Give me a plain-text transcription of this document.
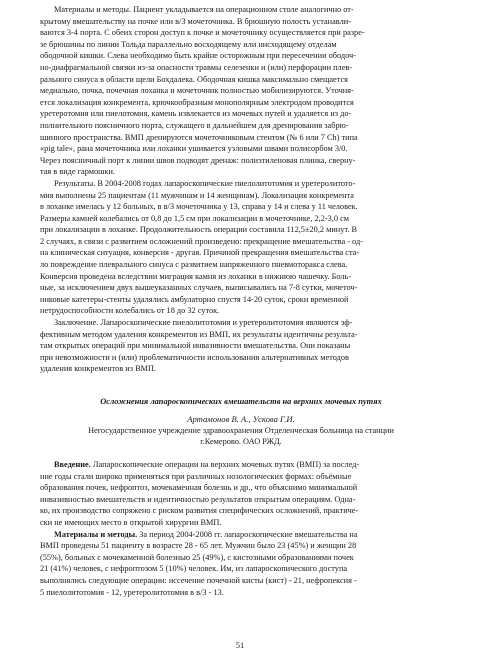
Материалы и методы. Пациент укладывается на операционном столе аналогично от-
крытому вмешательству на почке или в/3 мочеточника. В брюшную полость устанавли-
ваются 3-4 порта. С обеих сторон доступ к почке и мочеточнику осуществляется при разре-
зе брюшины по линии Тольда параллельно восходящему или нисходящему отделам
ободочной кишки. Слева необходимо быть крайне осторожным при пересечении ободоч-
но-диафрагмальной связки из-за опасности травмы селезенки и (или) перфорации плев-
рального синуса в области щели Бохдалека. Ободочная кишка максимально смещается
медиально, почка, почечная лоханка и мочеточник полностью мобилизируются. Уточня-
ется локализация конкремента, крючкообразным монополярным электродом проводится
уретеротомия или пиелотомия, камень извлекается из мочевых путей и удаляется из до-
полнительного поясничного порта, служащего в дальнейшем для дренирования забрю-
шинного пространства. ВМП дренируются мочеточниковым стентом (№ 6 или 7 Ch) типа
«pig tale», рана мочеточника или лоханки ушивается узловыми швами полисорбом 3/0.
Через поясничный порт к линии швов подводят дренаж: полиэтиленовая плинка, сверну-
тая в виде гармошки.

Результаты. В 2004-2008 годах лапароскопические пиелолитотомия и уретеролитото-
мия выполнены 25 пациентам (11 мужчинам и 14 женщинам). Локализация конкремента
в лоханке имелась у 12 больных, в в/3 мочеточника у 13, справа у 14 и слева у 11 человек.
Размеры камней колебались от 0,8 до 1,5 см при локализации в мочеточнике, 2,2-3,0 см
при локализации в лоханке. Продолжительность операции составила 112,5±20,2 минут. В
2 случаях, в связи с развитием осложнений произведено: прекращение вмешательства - од-
на клиническая ситуация, конверсия - другая. Причиной прекращения вмешательства ста-
ло повреждение плеврального синуса с развитием напряженного пневмоторакса слева.
Конверсия проведена вследствии миграция камня из лоханки в нижнюю чашечку. Боль-
ные, за исключением двух вышеуказанных случаев, выписывались на 7-8 сутки, мочеточ-
никовые катетеры-стенты удалялись амбулаторно спустя 14-20 суток, сроки временной
нетрудоспособности колебались от 18 до 32 суток.

Заключение. Лапароскопические пиелолитотомия и уретеролитотомия являются эф-
фективным методом удаления конкрементов из ВМП, их результаты идентичны результа-
там открытых операций при минимальной инвазивности вмешательства. Они показаны
при невозможности и (или) проблематичности использования альтернативных методов
удаления конкрементов из ВМП.

Осложнения лапароскопических вмешательств на верхних мочевых путях

Артамонов В. А., Ускова Г.И.

Негосударственное учреждение здравоохранения Отделенческая больница на станции
г.Кемерово. ОАО РЖД.

Введение. Лапароскопические операции на верхних мочевых путях (ВМП) за послед-
ние годы стали широко применяться при различных нозологических формах: объёмные
образования почек, нефроптоз, мочекаменная болезнь и др., что объяснимо минимальной
инвазивностью вмешательств и идентичностью результатов открытым операциям. Одна-
ко, их производство сопряжено с риском развития специфических осложнений, практиче-
ски не имеющих место в открытой хирургии ВМП.

Материалы и методы. За период 2004-2008 гг. лапароскопические вмешательства на
ВМП проведены 51 пациенту в возрасте 28 - 65 лет. Мужчин было 23 (45%) и женщин 28
(55%), больных с мочекаменной болезнью 25 (49%), с кистозными образованиями почек
21 (41%) человек, с нефроптозом 5 (10%) человек. Им, из лапароскопического доступа
выполнялись следующие операции: иссечение почечной кисты (кист) - 21, нефропексия -
5 пиелолитотомия - 12, уретеролитотомия в в/3 - 13.

51
